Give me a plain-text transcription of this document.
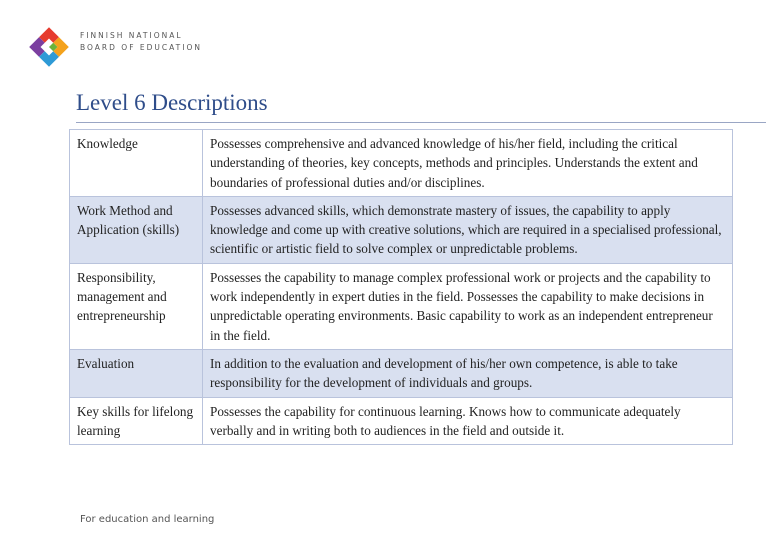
FINNISH NATIONAL
BOARD OF EDUCATION
Level 6 Descriptions
Knowledge	Possesses comprehensive and advanced knowledge of his/her field, including the critical understanding of theories, key concepts, methods and principles. Understands the extent and boundaries of professional duties and/or disciplines.
Work Method and Application (skills)	Possesses advanced skills, which demonstrate mastery of issues, the capability to apply knowledge and come up with creative solutions, which are required in a specialised professional, scientific or artistic field to solve complex or unpredictable problems.
Responsibility, management and entrepreneurship	Possesses the capability to manage complex professional work or projects and the capability to work independently in expert duties in the field. Possesses the capability to make decisions in unpredictable operating environments. Basic capability to work as an independent entrepreneur in the field.
Evaluation	In addition to the evaluation and development of his/her own competence, is able to take responsibility for the development of individuals and groups.
Key skills for lifelong learning	Possesses the capability for continuous learning. Knows how to communicate adequately verbally and in writing both to audiences in the field and outside it.
For education and learning
